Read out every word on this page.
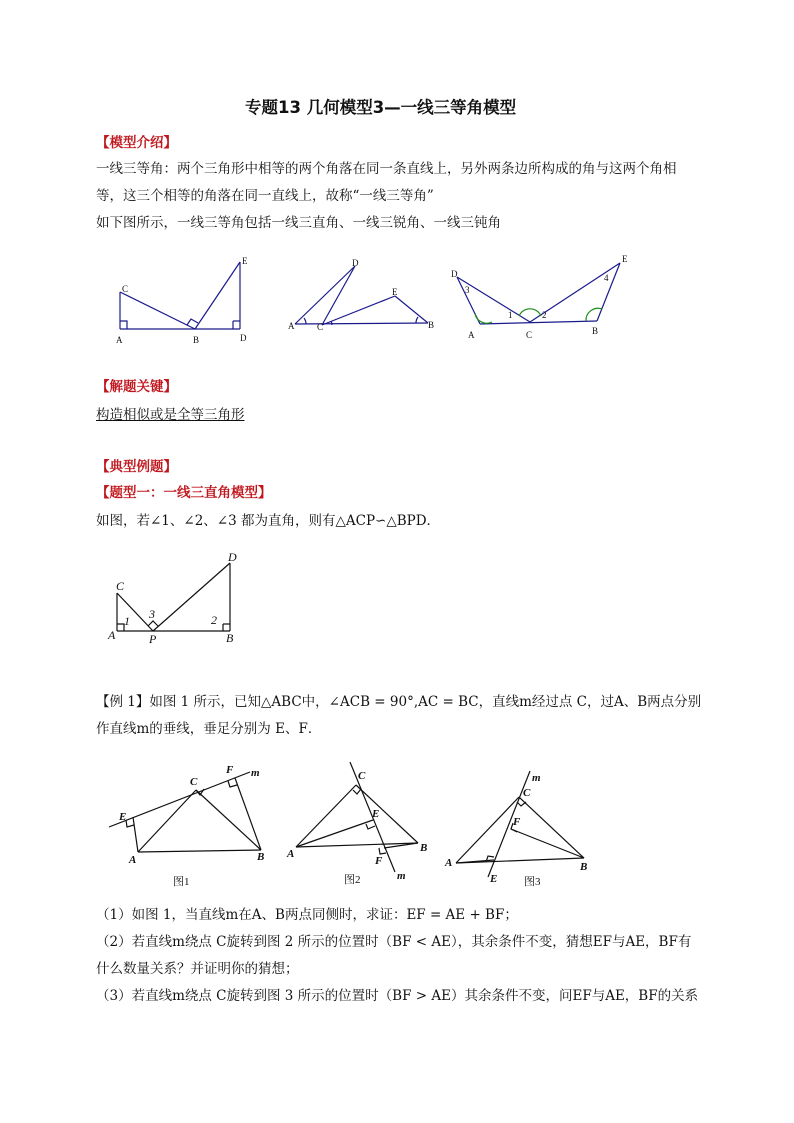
专题13 几何模型3—一线三等角模型
【模型介绍】
一线三等角：两个三角形中相等的两个角落在同一条直线上，另外两条边所构成的角与这两个角相
等，这三个相等的角落在同一直线上，故称“一线三等角”
如下图所示，一线三等角包括一线三直角、一线三锐角、一线三钝角
【解题关键】
构造相似或是全等三角形
【典型例题】
【题型一：一线三直角模型】
如图，若∠1、∠2、∠3 都为直角，则有△ACP∽△BPD．
【例 1】如图 1 所示，已知△ABC中，∠ACB = 90°,AC = BC，直线m经过点 C，过A、B两点分别
作直线m的垂线，垂足分别为 E、F．
（1）如图 1，当直线m在A、B两点同侧时，求证：EF = AE + BF；
（2）若直线m绕点 C旋转到图 2 所示的位置时（BF < AE），其余条件不变，猜想EF与AE，BF有
什么数量关系？并证明你的猜想；
（3）若直线m绕点 C旋转到图 3 所示的位置时（BF > AE）其余条件不变，问EF与AE，BF的关系
C
A	B
E
D
D
A	C
E
B
D
E
A	C	B
1	2
3
4
D
C
A
1 3
P
2
B
C
F m
E
A	B
图1
C
E
A	B
F
m
图2
m
C
F
A	B
E 图3
